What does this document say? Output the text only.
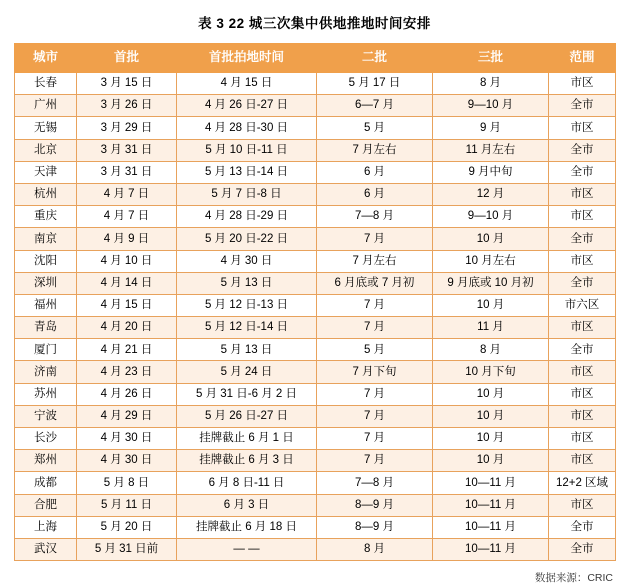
表 3 22 城三次集中供地推地时间安排
城市	首批	首批拍地时间	二批	三批	范围
长春	3 月 15 日	4 月 15 日	5 月 17 日	8 月	市区
广州	3 月 26 日	4 月 26 日-27 日	6—7 月	9—10 月	全市
无锡	3 月 29 日	4 月 28 日-30 日	5 月	9 月	市区
北京	3 月 31 日	5 月 10 日-11 日	7 月左右	11 月左右	全市
天津	3 月 31 日	5 月 13 日-14 日	6 月	9 月中旬	全市
杭州	4 月 7 日	5 月 7 日-8 日	6 月	12 月	市区
重庆	4 月 7 日	4 月 28 日-29 日	7—8 月	9—10 月	市区
南京	4 月 9 日	5 月 20 日-22 日	7 月	10 月	全市
沈阳	4 月 10 日	4 月 30 日	7 月左右	10 月左右	市区
深圳	4 月 14 日	5 月 13 日	6 月底或 7 月初	9 月底或 10 月初	全市
福州	4 月 15 日	5 月 12 日-13 日	7 月	10 月	市六区
青岛	4 月 20 日	5 月 12 日-14 日	7 月	11 月	市区
厦门	4 月 21 日	5 月 13 日	5 月	8 月	全市
济南	4 月 23 日	5 月 24 日	7 月下旬	10 月下旬	市区
苏州	4 月 26 日	5 月 31 日-6 月 2 日	7 月	10 月	市区
宁波	4 月 29 日	5 月 26 日-27 日	7 月	10 月	市区
长沙	4 月 30 日	挂牌截止 6 月 1 日	7 月	10 月	市区
郑州	4 月 30 日	挂牌截止 6 月 3 日	7 月	10 月	市区
成都	5 月 8 日	6 月 8 日-11 日	7—8 月	10—11 月	12+2 区域
合肥	5 月 11 日	6 月 3 日	8—9 月	10—11 月	市区
上海	5 月 20 日	挂牌截止 6 月 18 日	8—9 月	10—11 月	全市
武汉	5 月 31 日前	— —	8 月	10—11 月	全市
数据来源：CRIC
